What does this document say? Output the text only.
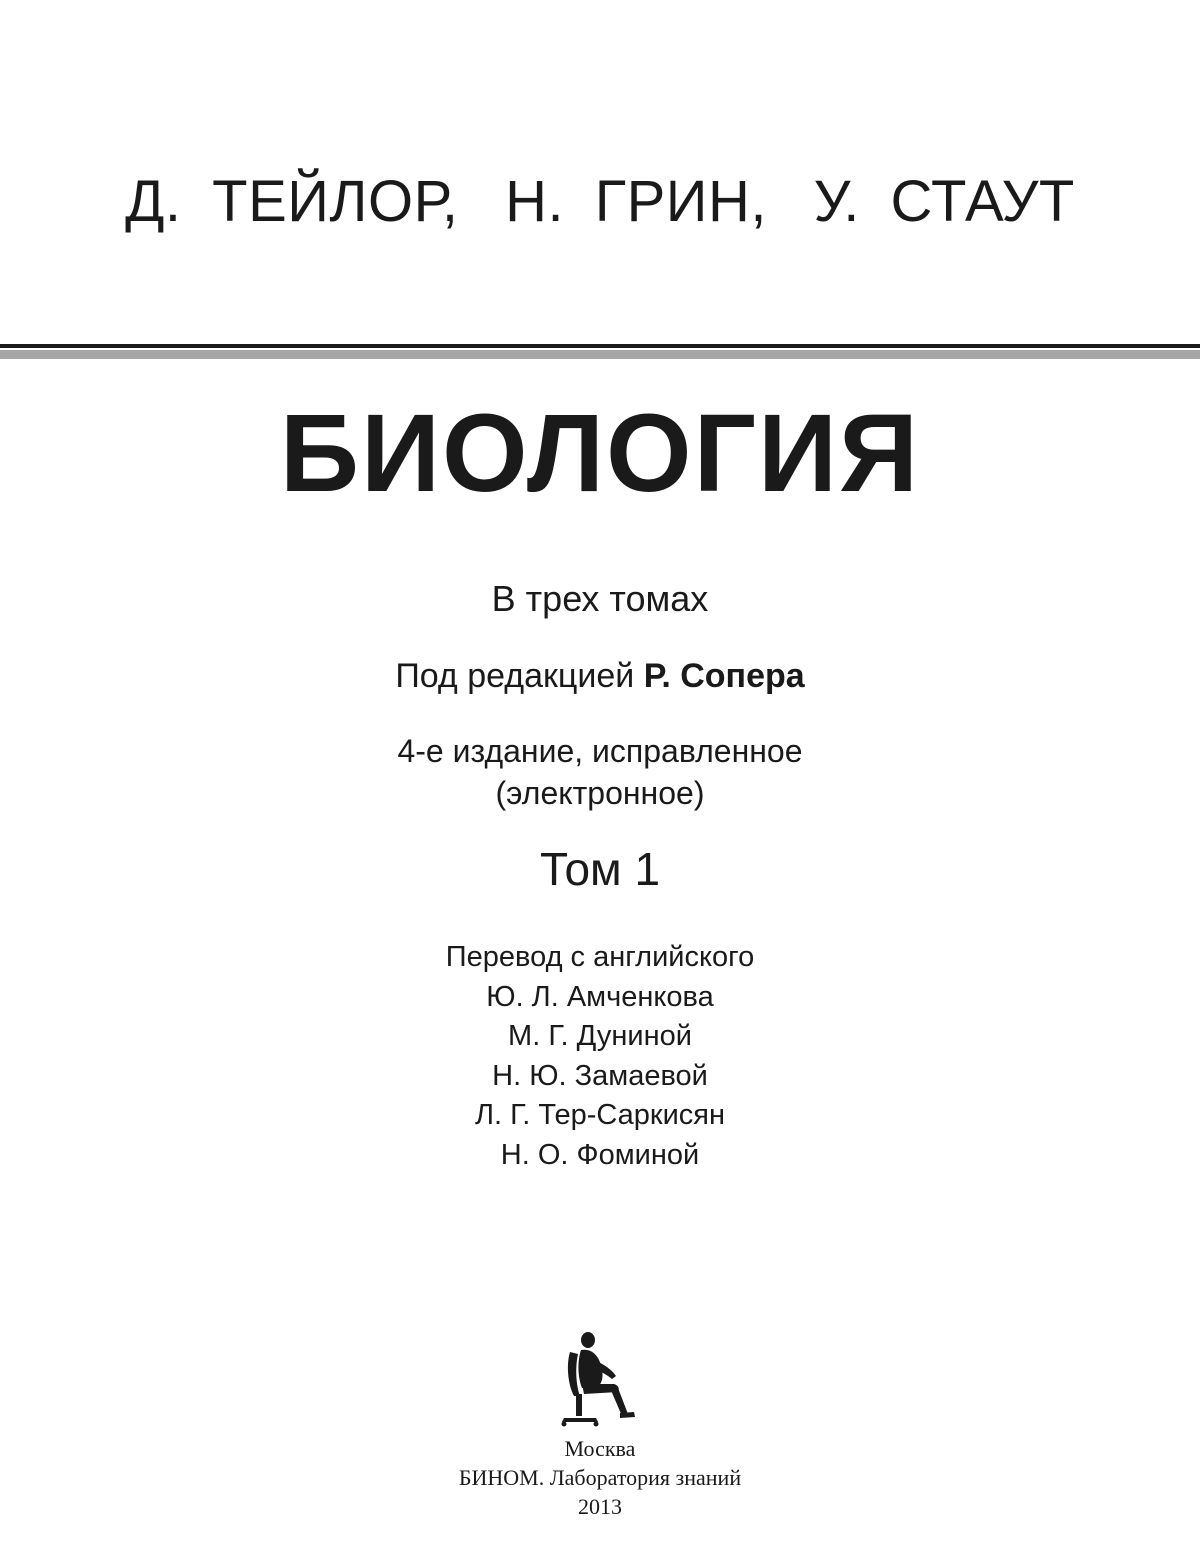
Д. ТЕЙЛОР, Н. ГРИН, У. СТАУТ
БИОЛОГИЯ
В трех томах
Под редакцией Р. Сопера
4-е издание, исправленное
(электронное)
Том 1
Перевод с английского
Ю. Л. Амченкова
М. Г. Дуниной
Н. Ю. Замаевой
Л. Г. Тер-Саркисян
Н. О. Фоминой
Москва
БИНОМ. Лаборатория знаний
2013
